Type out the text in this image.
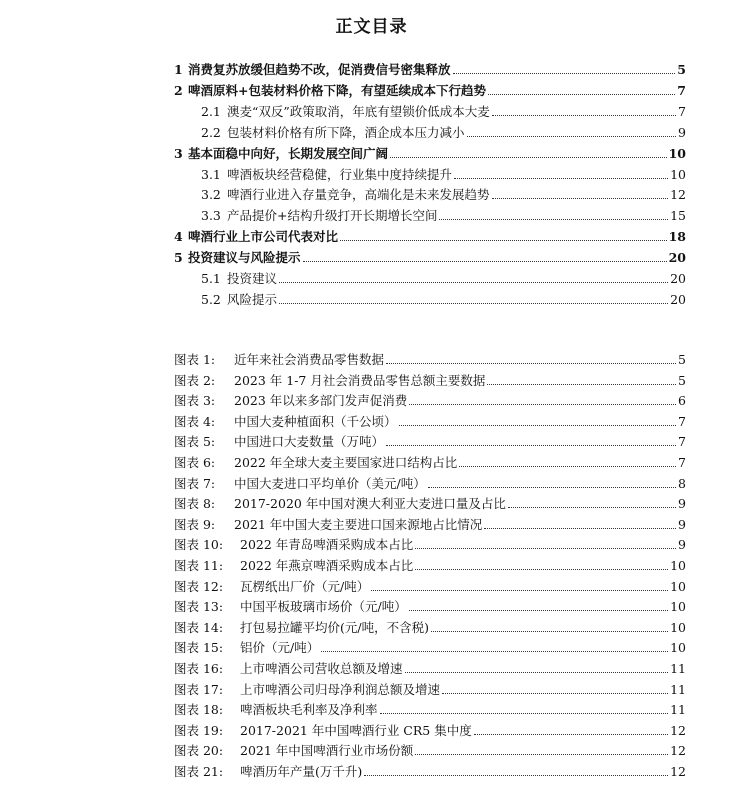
正文目录
1 消费复苏放缓但趋势不改，促消费信号密集释放	5
2 啤酒原料+包装材料价格下降，有望延续成本下行趋势	7
2.1 澳麦“双反”政策取消，年底有望锁价低成本大麦	7
2.2 包装材料价格有所下降，酒企成本压力减小	9
3 基本面稳中向好，长期发展空间广阔	10
3.1 啤酒板块经营稳健，行业集中度持续提升	10
3.2 啤酒行业进入存量竞争，高端化是未来发展趋势	12
3.3 产品提价+结构升级打开长期增长空间	15
4 啤酒行业上市公司代表对比	18
5 投资建议与风险提示	20
5.1 投资建议	20
5.2 风险提示	20
图表 1:	近年来社会消费品零售数据	5
图表 2:	2023 年 1-7 月社会消费品零售总额主要数据	5
图表 3:	2023 年以来多部门发声促消费	6
图表 4:	中国大麦种植面积（千公顷）	7
图表 5:	中国进口大麦数量（万吨）	7
图表 6:	2022 年全球大麦主要国家进口结构占比	7
图表 7:	中国大麦进口平均单价（美元/吨）	8
图表 8:	2017-2020 年中国对澳大利亚大麦进口量及占比	9
图表 9:	2021 年中国大麦主要进口国来源地占比情况	9
图表 10:	2022 年青岛啤酒采购成本占比	9
图表 11:	2022 年燕京啤酒采购成本占比	10
图表 12:	瓦楞纸出厂价（元/吨）	10
图表 13:	中国平板玻璃市场价（元/吨）	10
图表 14:	打包易拉罐平均价(元/吨，不含税)	10
图表 15:	铝价（元/吨）	10
图表 16:	上市啤酒公司营收总额及增速	11
图表 17:	上市啤酒公司归母净利润总额及增速	11
图表 18:	啤酒板块毛利率及净利率	11
图表 19:	2017-2021 年中国啤酒行业 CR5 集中度	12
图表 20:	2021 年中国啤酒行业市场份额	12
图表 21:	啤酒历年产量(万千升)	12
